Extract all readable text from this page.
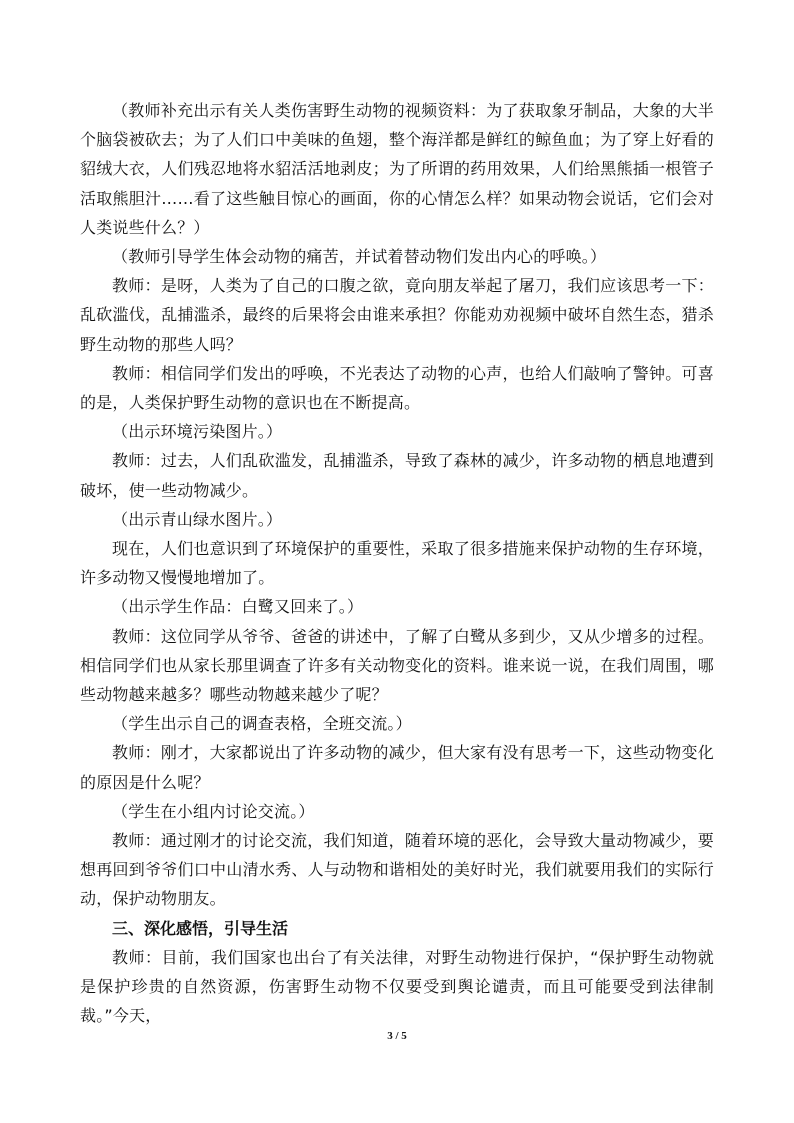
（教师补充出示有关人类伤害野生动物的视频资料：为了获取象牙制品，大象的大半个脑袋被砍去；为了人们口中美味的鱼翅，整个海洋都是鲜红的鲸鱼血；为了穿上好看的貂绒大衣，人们残忍地将水貂活活地剥皮；为了所谓的药用效果，人们给黑熊插一根管子活取熊胆汁……看了这些触目惊心的画面，你的心情怎么样？如果动物会说话，它们会对人类说些什么？）

（教师引导学生体会动物的痛苦，并试着替动物们发出内心的呼唤。）

教师：是呀，人类为了自己的口腹之欲，竟向朋友举起了屠刀，我们应该思考一下：乱砍滥伐，乱捕滥杀，最终的后果将会由谁来承担？你能劝劝视频中破坏自然生态，猎杀野生动物的那些人吗？

教师：相信同学们发出的呼唤，不光表达了动物的心声，也给人们敲响了警钟。可喜的是，人类保护野生动物的意识也在不断提高。

（出示环境污染图片。）

教师：过去，人们乱砍滥发，乱捕滥杀，导致了森林的减少，许多动物的栖息地遭到破坏，使一些动物减少。

（出示青山绿水图片。）

现在，人们也意识到了环境保护的重要性，采取了很多措施来保护动物的生存环境，许多动物又慢慢地增加了。

（出示学生作品：白鹭又回来了。）

教师：这位同学从爷爷、爸爸的讲述中，了解了白鹭从多到少，又从少增多的过程。相信同学们也从家长那里调查了许多有关动物变化的资料。谁来说一说，在我们周围，哪些动物越来越多？哪些动物越来越少了呢？

（学生出示自己的调查表格，全班交流。）

教师：刚才，大家都说出了许多动物的减少，但大家有没有思考一下，这些动物变化的原因是什么呢？

（学生在小组内讨论交流。）

教师：通过刚才的讨论交流，我们知道，随着环境的恶化，会导致大量动物减少，要想再回到爷爷们口中山清水秀、人与动物和谐相处的美好时光，我们就要用我们的实际行动，保护动物朋友。

三、深化感悟，引导生活

教师：目前，我们国家也出台了有关法律，对野生动物进行保护，“保护野生动物就是保护珍贵的自然资源，伤害野生动物不仅要受到舆论谴责，而且可能要受到法律制裁。”今天，

3 / 5
